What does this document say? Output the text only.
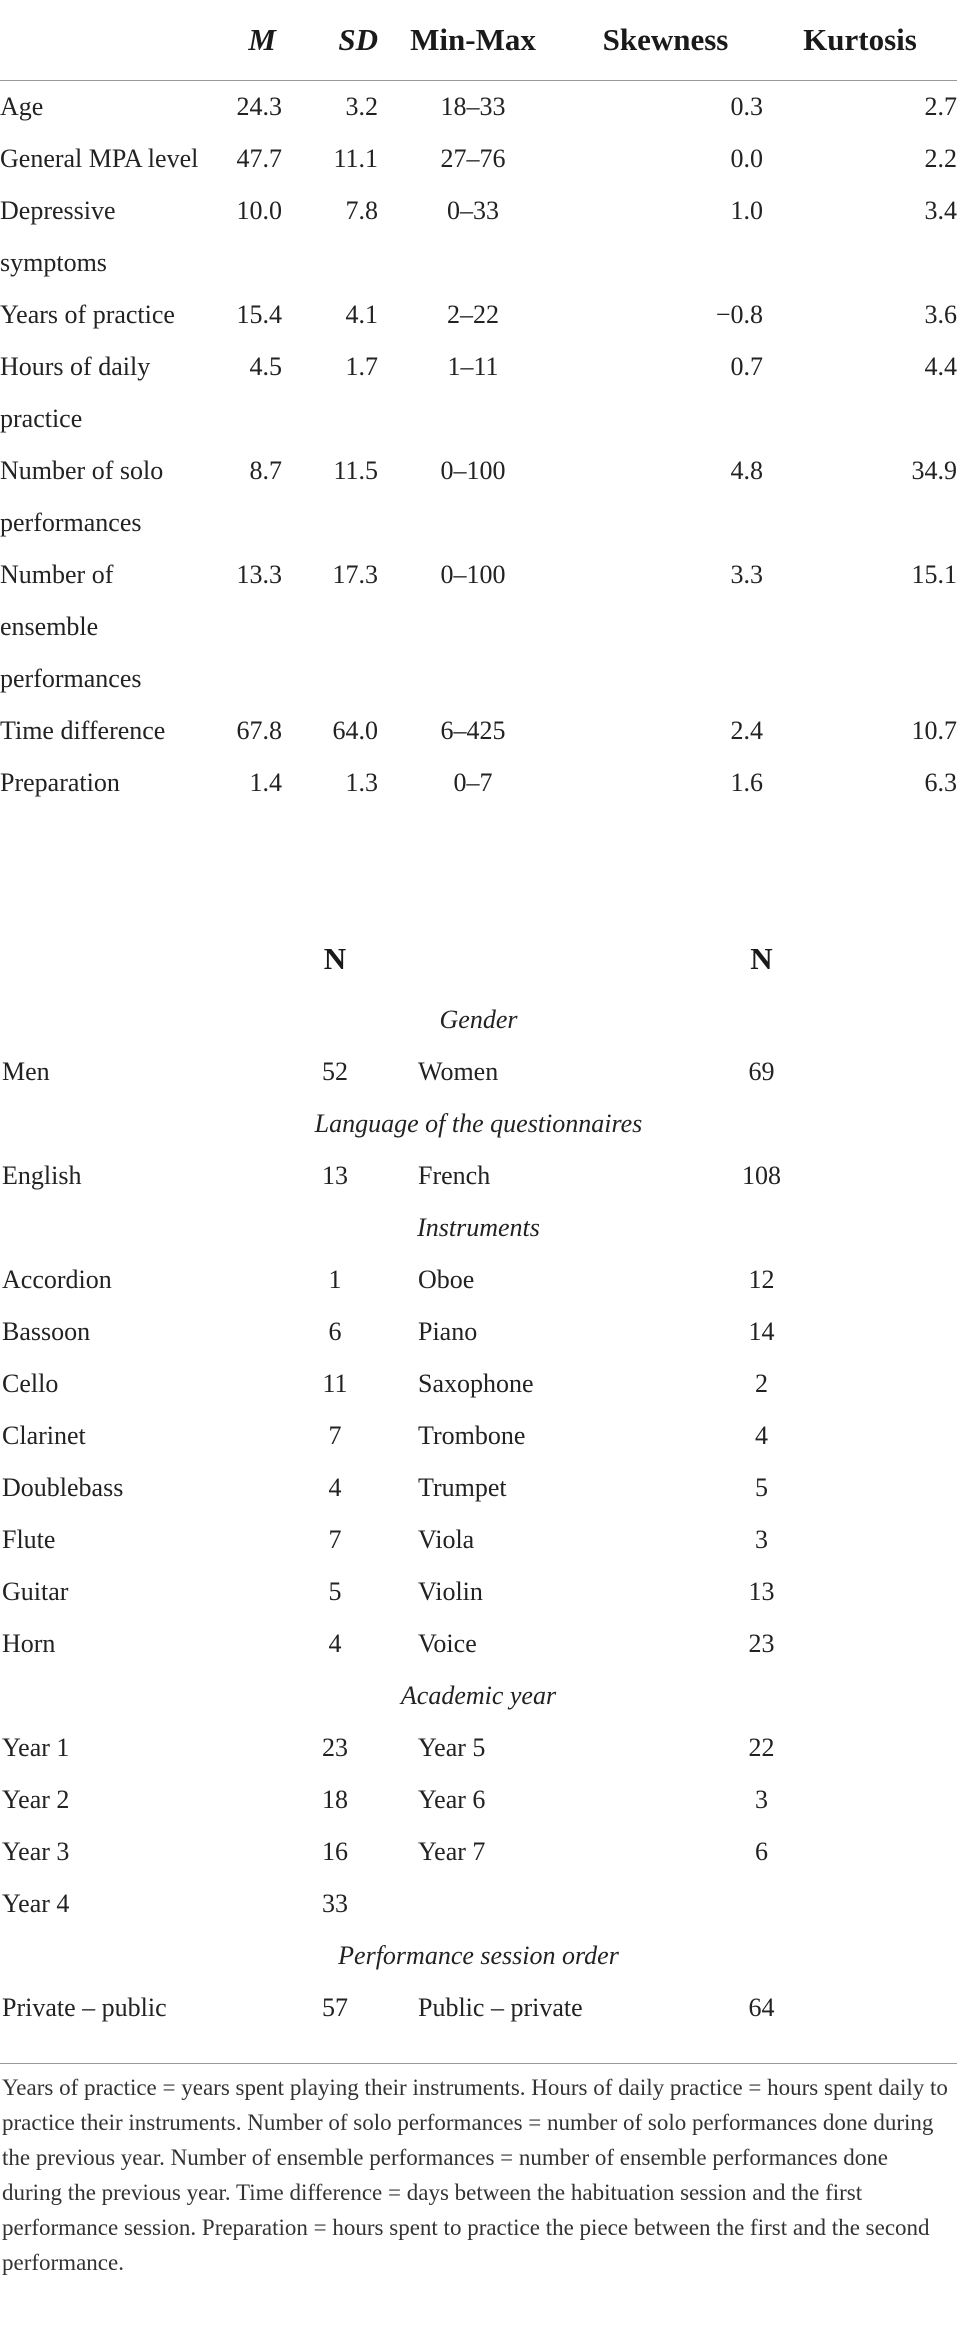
	M	SD	Min-Max	Skewness	Kurtosis
Age	24.3	3.2	18–33	0.3	2.7
General MPA level	47.7	11.1	27–76	0.0	2.2
Depressive symptoms	10.0	7.8	0–33	1.0	3.4
Years of practice	15.4	4.1	2–22	−0.8	3.6
Hours of daily practice	4.5	1.7	1–11	0.7	4.4
Number of solo performances	8.7	11.5	0–100	4.8	34.9
Number of ensemble performances	13.3	17.3	0–100	3.3	15.1
Time difference	67.8	64.0	6–425	2.4	10.7
Preparation	1.4	1.3	0–7	1.6	6.3
	N		N	
Gender				
Men	52	Women	69	
Language of the questionnaires				
English	13	French	108	
Instruments				
Accordion	1	Oboe	12	
Bassoon	6	Piano	14	
Cello	11	Saxophone	2	
Clarinet	7	Trombone	4	
Doublebass	4	Trumpet	5	
Flute	7	Viola	3	
Guitar	5	Violin	13	
Horn	4	Voice	23	
Academic year				
Year 1	23	Year 5	22	
Year 2	18	Year 6	3	
Year 3	16	Year 7	6	
Year 4	33			
Performance session order				
Private – public	57	Public – private	64	
Years of practice = years spent playing their instruments. Hours of daily practice = hours spent daily to practice their instruments. Number of solo performances = number of solo performances done during the previous year. Number of ensemble performances = number of ensemble performances done during the previous year. Time difference = days between the habituation session and the first performance session. Preparation = hours spent to practice the piece between the first and the second performance.
